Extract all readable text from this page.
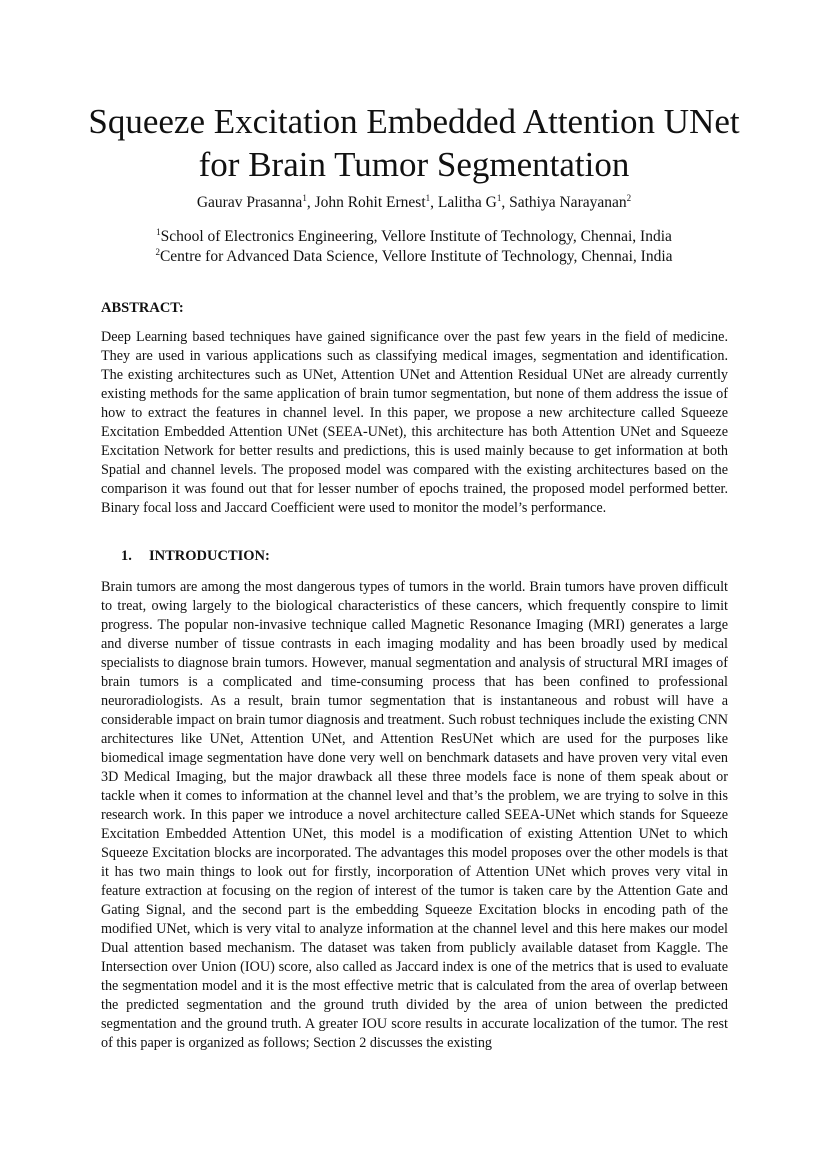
Squeeze Excitation Embedded Attention UNet
for Brain Tumor Segmentation
Gaurav Prasanna$^1$, John Rohit Ernest$^1$, Lalitha $G^1$, Sathiya Narayanan$^2$
$^1$School of Electronics Engineering, Vellore Institute of Technology, Chennai, India
$^2$Centre for Advanced Data Science, Vellore Institute of Technology, Chennai, India
ABSTRACT:

Deep Learning based techniques have gained significance over the past few years in the field of medicine. They are used in various applications such as classifying medical images, segmentation and identification. The existing architectures such as UNet, Attention UNet and Attention Residual UNet are already currently existing methods for the same application of brain tumor segmentation, but none of them address the issue of how to extract the features in channel level. In this paper, we propose a new architecture called Squeeze Excitation Embedded Attention UNet (SEEA-UNet), this architecture has both Attention UNet and Squeeze Excitation Network for better results and predictions, this is used mainly because to get information at both Spatial and channel levels. The proposed model was compared with the existing architectures based on the comparison it was found out that for lesser number of epochs trained, the proposed model performed better. Binary focal loss and Jaccard Coefficient were used to monitor the model’s performance.

1. INTRODUCTION:

Brain tumors are among the most dangerous types of tumors in the world. Brain tumors have proven difficult to treat, owing largely to the biological characteristics of these cancers, which frequently conspire to limit progress. The popular non-invasive technique called Magnetic Resonance Imaging (MRI) generates a large and diverse number of tissue contrasts in each imaging modality and has been broadly used by medical specialists to diagnose brain tumors. However, manual segmentation and analysis of structural MRI images of brain tumors is a complicated and time-consuming process that has been confined to professional neuroradiologists. As a result, brain tumor segmentation that is instantaneous and robust will have a considerable impact on brain tumor diagnosis and treatment. Such robust techniques include the existing CNN architectures like UNet, Attention UNet, and Attention ResUNet which are used for the purposes like biomedical image segmentation have done very well on benchmark datasets and have proven very vital even 3D Medical Imaging, but the major drawback all these three models face is none of them speak about or tackle when it comes to information at the channel level and that’s the problem, we are trying to solve in this research work. In this paper we introduce a novel architecture called SEEA-UNet which stands for Squeeze Excitation Embedded Attention UNet, this model is a modification of existing Attention UNet to which Squeeze Excitation blocks are incorporated. The advantages this model proposes over the other models is that it has two main things to look out for firstly, incorporation of Attention UNet which proves very vital in feature extraction at focusing on the region of interest of the tumor is taken care by the Attention Gate and Gating Signal, and the second part is the embedding Squeeze Excitation blocks in encoding path of the modified UNet, which is very vital to analyze information at the channel level and this here makes our model Dual attention based mechanism. The dataset was taken from publicly available dataset from Kaggle. The Intersection over Union (IOU) score, also called as Jaccard index is one of the metrics that is used to evaluate the segmentation model and it is the most effective metric that is calculated from the area of overlap between the predicted segmentation and the ground truth divided by the area of union between the predicted segmentation and the ground truth. A greater IOU score results in accurate localization of the tumor. The rest of this paper is organized as follows; Section 2 discusses the existing
